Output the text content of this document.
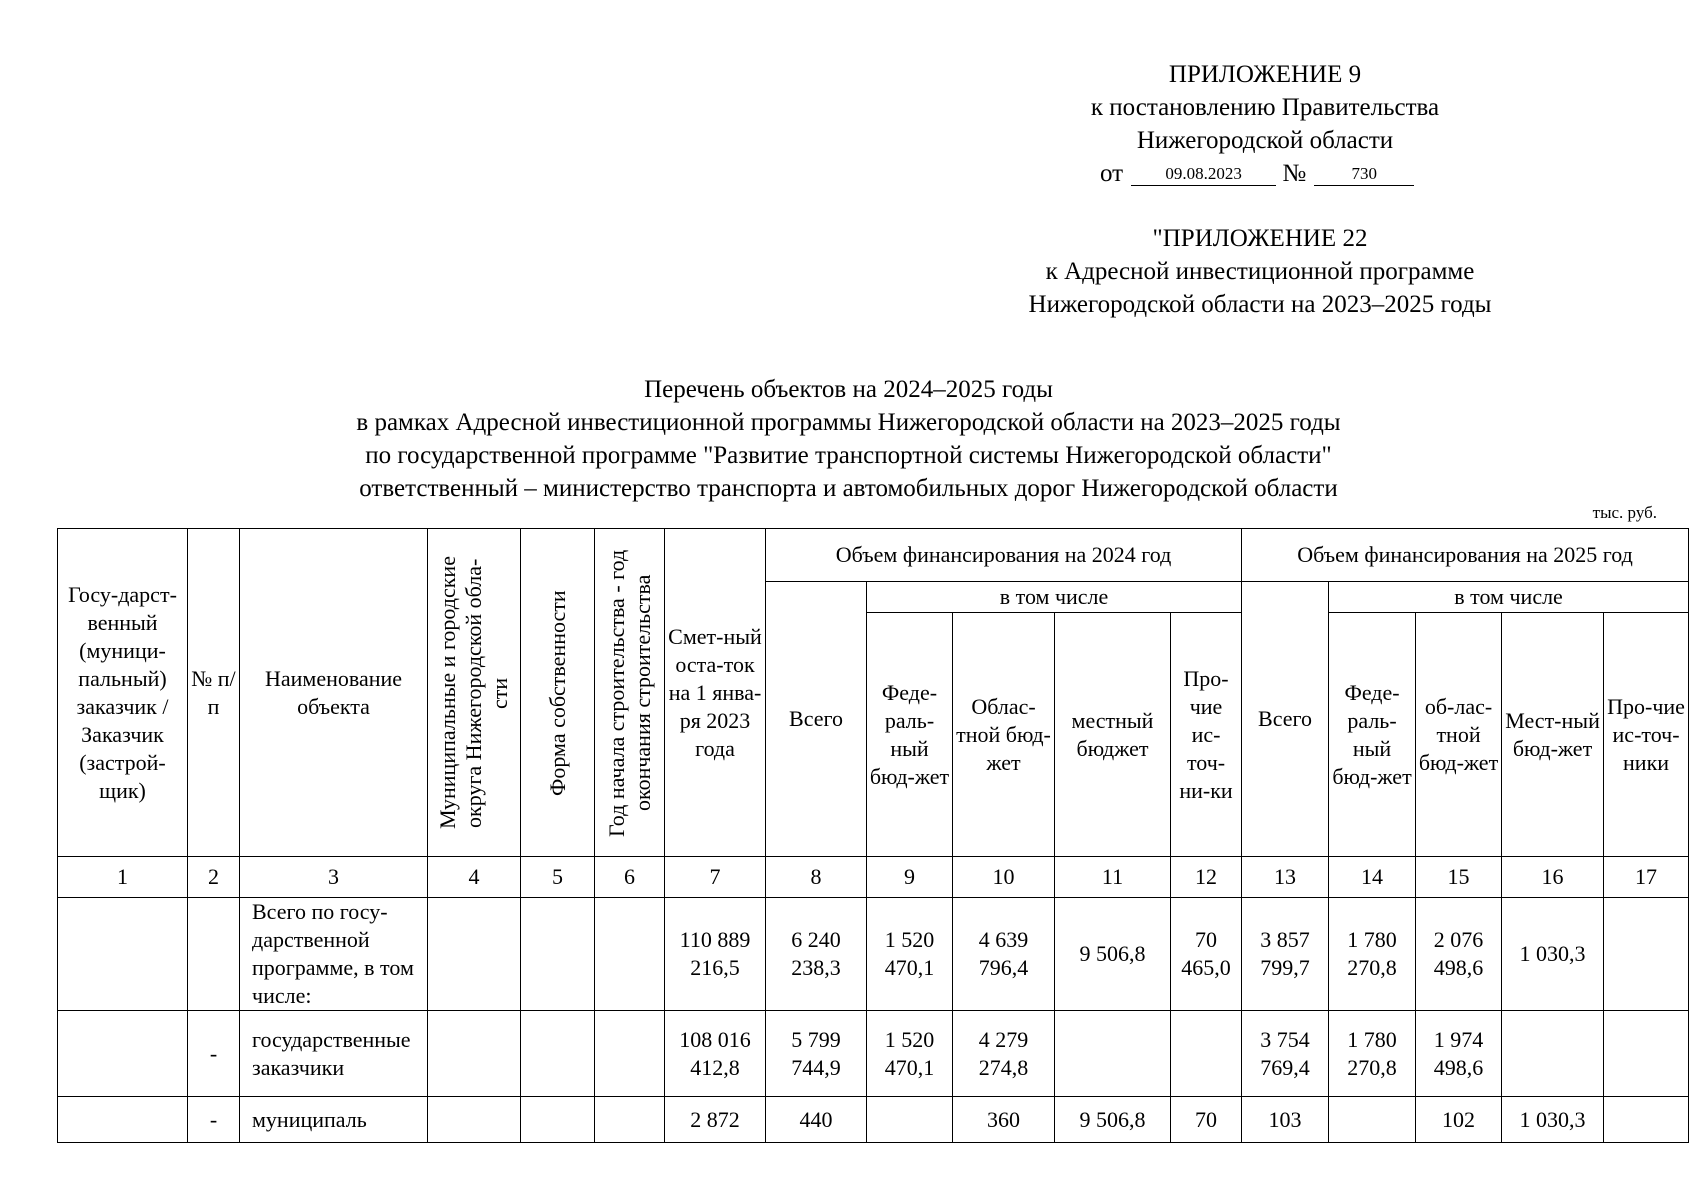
ПРИЛОЖЕНИЕ 9
к постановлению Правительства
Нижегородской области
от 09.08.2023 №	730
"ПРИЛОЖЕНИЕ 22
к Адресной инвестиционной программе
Нижегородской области на 2023–2025 годы
Перечень объектов на 2024–2025 годы
в рамках Адресной инвестиционной программы Нижегородской области на 2023–2025 годы
по государственной программе "Развитие транспортной системы Нижегородской области"
ответственный – министерство транспорта и автомобильных дорог Нижегородской области
тыс. руб.
Госу-дарст-венный (муници-пальный) заказчик / Заказчик (застрой-щик)	№ п/п	Наименование объекта	Муниципальные и городские округа Нижегородской обла-сти	Форма собственности	Год начала строительства - год окончания строительства	Смет-ный оста-ток на 1 янва-ря 2023 года	Объем финансирования на 2024 год					Объем финансирования на 2025 год				
							Всего	в том числе				Всего	в том числе			
								Феде-раль-ный бюд-жет	Облас-тной бюд-жет	местный бюджет	Про-чие ис-точ-ни-ки		Феде-раль-ный бюд-жет	об-лас-тной бюд-жет	Мест-ный бюд-жет	Про-чие ис-точ-ники
1	2	3	4	5	6	7	8	9	10	11	12	13	14	15	16	17
		Всего по госу-дарственной программе, в том числе:				110 889 216,5	6 240 238,3	1 520 470,1	4 639 796,4	9 506,8	70 465,0	3 857 799,7	1 780 270,8	2 076 498,6	1 030,3	
	-	государственные заказчики				108 016 412,8	5 799 744,9	1 520 470,1	4 279 274,8			3 754 769,4	1 780 270,8	1 974 498,6		
	-	муниципаль				2 872	440		360	9 506,8	70	103		102	1 030,3	
